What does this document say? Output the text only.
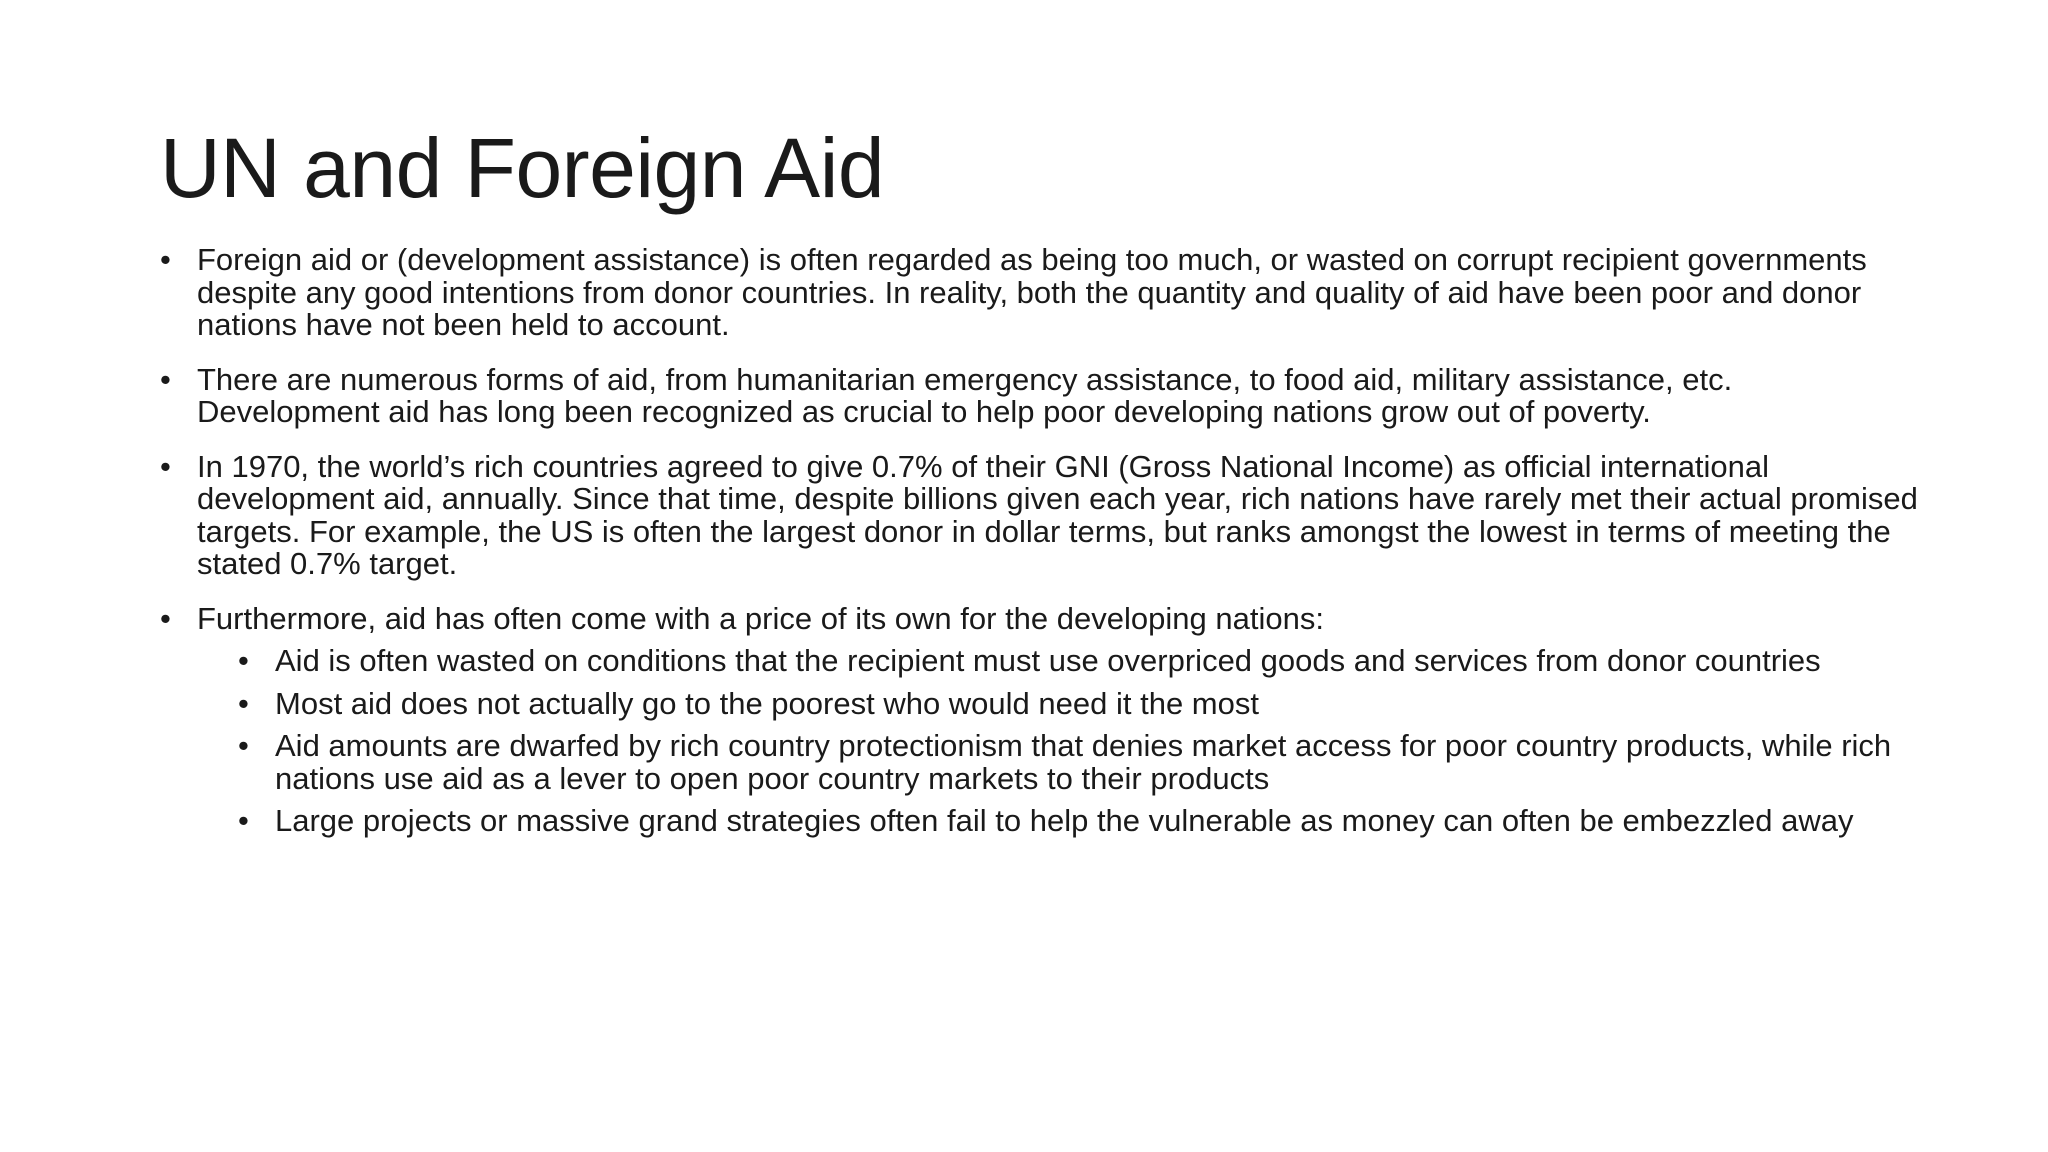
UN and Foreign Aid
• Foreign aid or (development assistance) is often regarded as being too much, or wasted on corrupt recipient governments despite any good intentions from donor countries. In reality, both the quantity and quality of aid have been poor and donor nations have not been held to account.
• There are numerous forms of aid, from humanitarian emergency assistance, to food aid, military assistance, etc. Development aid has long been recognized as crucial to help poor developing nations grow out of poverty.
• In 1970, the world’s rich countries agreed to give 0.7% of their GNI (Gross National Income) as official international development aid, annually. Since that time, despite billions given each year, rich nations have rarely met their actual promised targets. For example, the US is often the largest donor in dollar terms, but ranks amongst the lowest in terms of meeting the stated 0.7% target.
• Furthermore, aid has often come with a price of its own for the developing nations:
• Aid is often wasted on conditions that the recipient must use overpriced goods and services from donor countries
• Most aid does not actually go to the poorest who would need it the most
• Aid amounts are dwarfed by rich country protectionism that denies market access for poor country products, while rich nations use aid as a lever to open poor country markets to their products
• Large projects or massive grand strategies often fail to help the vulnerable as money can often be embezzled away
